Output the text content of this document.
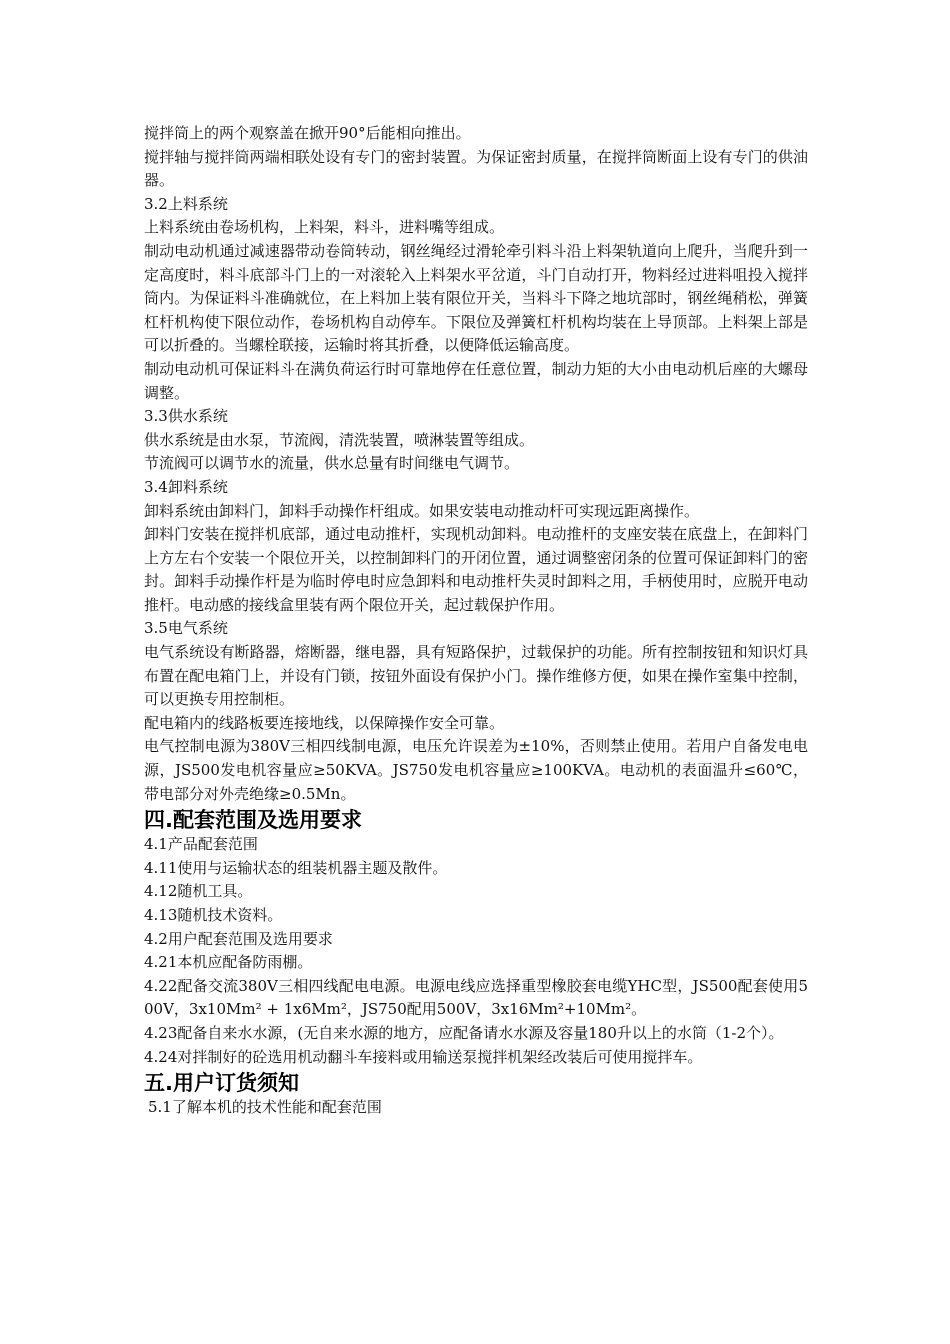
搅拌筒上的两个观察盖在掀开90°后能相向推出。

搅拌轴与搅拌筒两端相联处设有专门的密封装置。为保证密封质量，在搅拌筒断面上设有专门的供油器。

3.2上料系统

上料系统由卷场机构，上料架，料斗，进料嘴等组成。

制动电动机通过减速器带动卷筒转动，钢丝绳经过滑轮牵引料斗沿上料架轨道向上爬升，当爬升到一定高度时，料斗底部斗门上的一对滚轮入上料架水平岔道，斗门自动打开，物料经过进料咀投入搅拌筒内。为保证料斗准确就位，在上料加上装有限位开关，当料斗下降之地坑部时，钢丝绳稍松，弹簧杠杆机构使下限位动作，卷场机构自动停车。下限位及弹簧杠杆机构均装在上导顶部。上料架上部是可以折叠的。当螺栓联接，运输时将其折叠，以便降低运输高度。

制动电动机可保证料斗在满负荷运行时可靠地停在任意位置，制动力矩的大小由电动机后座的大螺母调整。

3.3供水系统

供水系统是由水泵，节流阀，清洗装置，喷淋装置等组成。

节流阀可以调节水的流量，供水总量有时间继电气调节。

3.4卸料系统

卸料系统由卸料门，卸料手动操作杆组成。如果安装电动推动杆可实现远距离操作。

卸料门安装在搅拌机底部，通过电动推杆，实现机动卸料。电动推杆的支座安装在底盘上，在卸料门上方左右个安装一个限位开关，以控制卸料门的开闭位置，通过调整密闭条的位置可保证卸料门的密封。卸料手动操作杆是为临时停电时应急卸料和电动推杆失灵时卸料之用，手柄使用时，应脱开电动推杆。电动感的接线盒里装有两个限位开关，起过载保护作用。

3.5电气系统

电气系统设有断路器，熔断器，继电器，具有短路保护，过载保护的功能。所有控制按钮和知识灯具布置在配电箱门上，并设有门锁，按钮外面设有保护小门。操作维修方便，如果在操作室集中控制，可以更换专用控制柜。

配电箱内的线路板要连接地线，以保障操作安全可靠。

电气控制电源为380V三相四线制电源，电压允许误差为±10%，否则禁止使用。若用户自备发电电源，JS500发电机容量应≥50KVA。JS750发电机容量应≥100KVA。电动机的表面温升≤60℃，带电部分对外壳绝缘≥0.5Mn。

四.配套范围及选用要求

4.1产品配套范围

4.11使用与运输状态的组装机器主题及散件。

4.12随机工具。

4.13随机技术资料。

4.2用户配套范围及选用要求

4.21本机应配备防雨棚。

4.22配备交流380V三相四线配电电源。电源电线应选择重型橡胶套电缆YHC型，JS500配套使用500V，3x10Mm² + 1x6Mm²，JS750配用500V，3x16Mm²+10Mm²。

4.23配备自来水水源，(无自来水源的地方，应配备请水水源及容量180升以上的水筒（1-2个）。

4.24对拌制好的砼选用机动翻斗车接料或用输送泵搅拌机架经改装后可使用搅拌车。

五.用户订货须知

5.1了解本机的技术性能和配套范围
